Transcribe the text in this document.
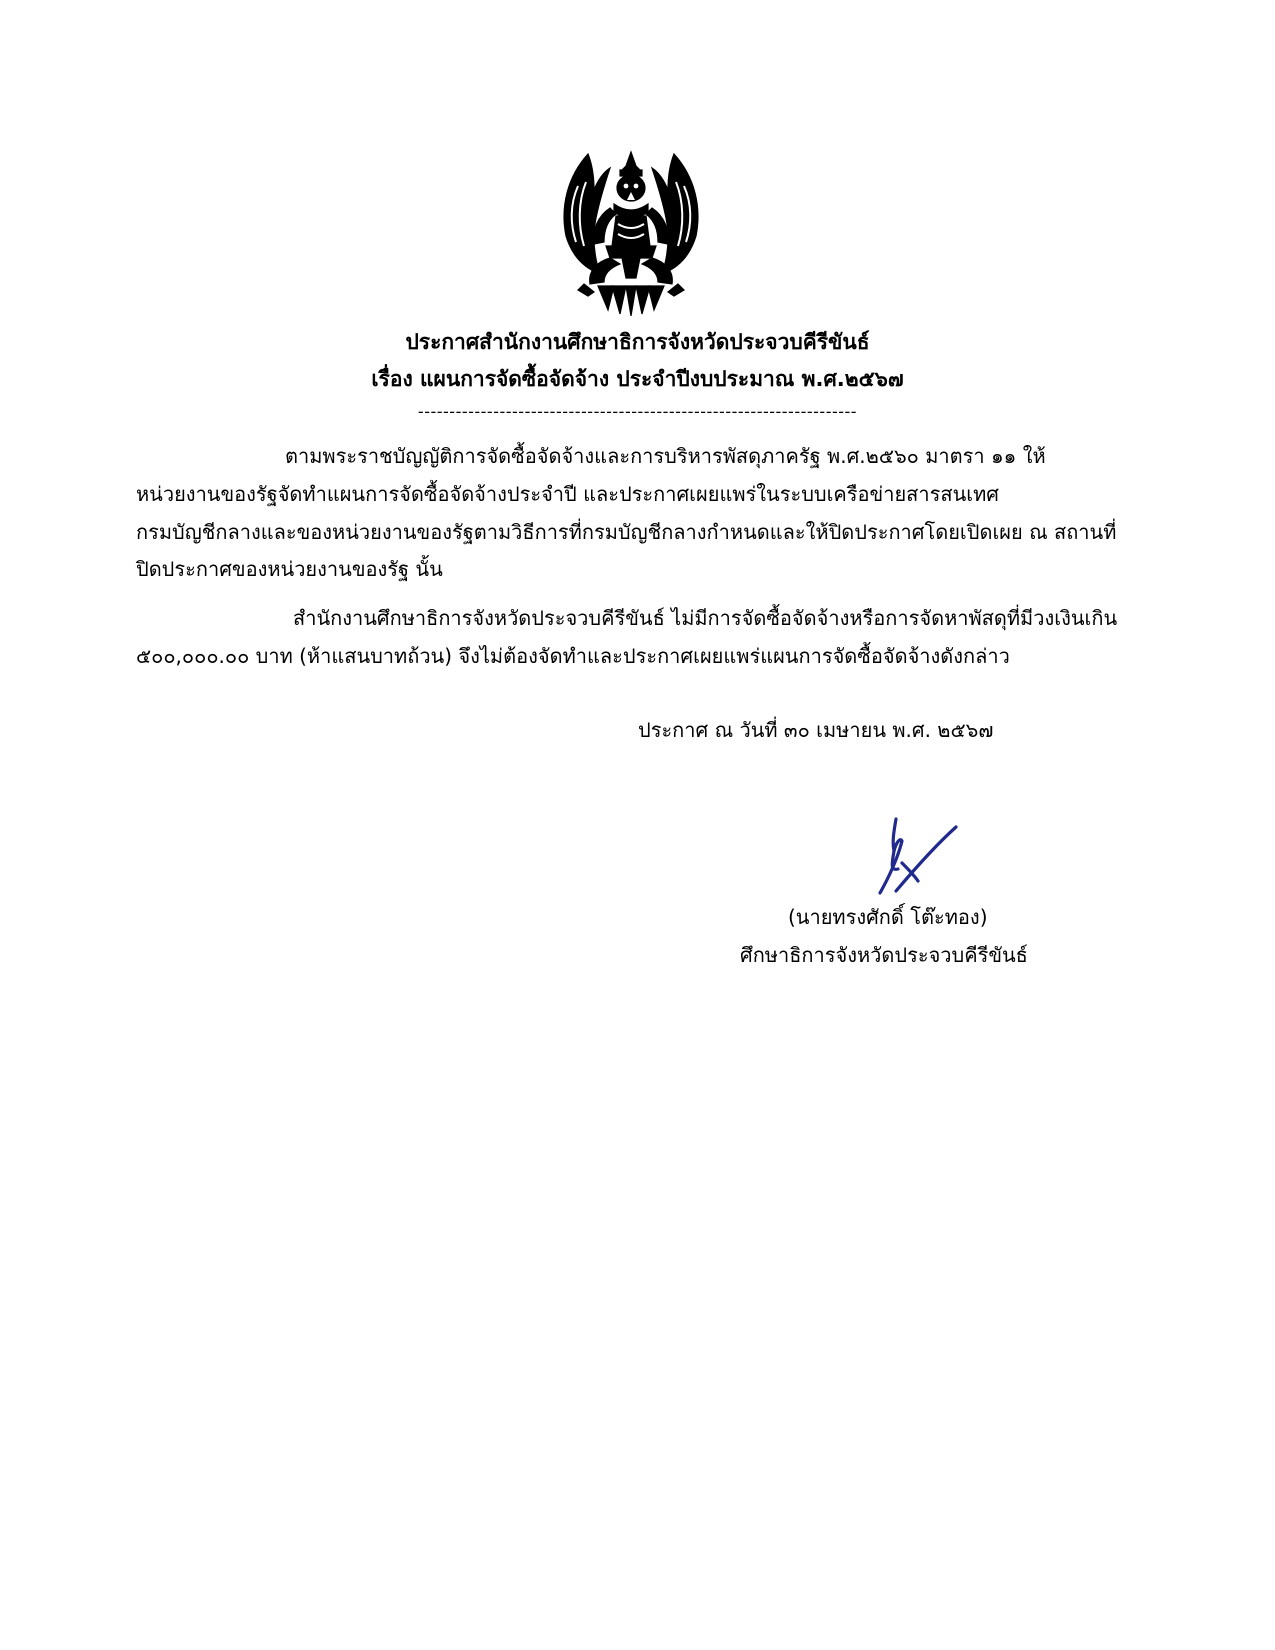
ประกาศสำนักงานศึกษาธิการจังหวัดประจวบคีรีขันธ์
เรื่อง แผนการจัดซื้อจัดจ้าง ประจำปีงบประมาณ พ.ศ.๒๕๖๗
----------------------------------------------------------------------
ตามพระราชบัญญัติการจัดซื้อจัดจ้างและการบริหารพัสดุภาครัฐ พ.ศ.๒๕๖๐ มาตรา ๑๑ ให้
หน่วยงานของรัฐจัดทำแผนการจัดซื้อจัดจ้างประจำปี และประกาศเผยแพร่ในระบบเครือข่ายสารสนเทศ
กรมบัญชีกลางและของหน่วยงานของรัฐตามวิธีการที่กรมบัญชีกลางกำหนดและให้ปิดประกาศโดยเปิดเผย ณ สถานที่
ปิดประกาศของหน่วยงานของรัฐ นั้น
สำนักงานศึกษาธิการจังหวัดประจวบคีรีขันธ์ ไม่มีการจัดซื้อจัดจ้างหรือการจัดหาพัสดุที่มีวงเงินเกิน
๕๐๐,๐๐๐.๐๐ บาท (ห้าแสนบาทถ้วน) จึงไม่ต้องจัดทำและประกาศเผยแพร่แผนการจัดซื้อจัดจ้างดังกล่าว
ประกาศ ณ วันที่ ๓๐ เมษายน พ.ศ. ๒๕๖๗
(นายทรงศักดิ์ โต๊ะทอง)
ศึกษาธิการจังหวัดประจวบคีรีขันธ์
